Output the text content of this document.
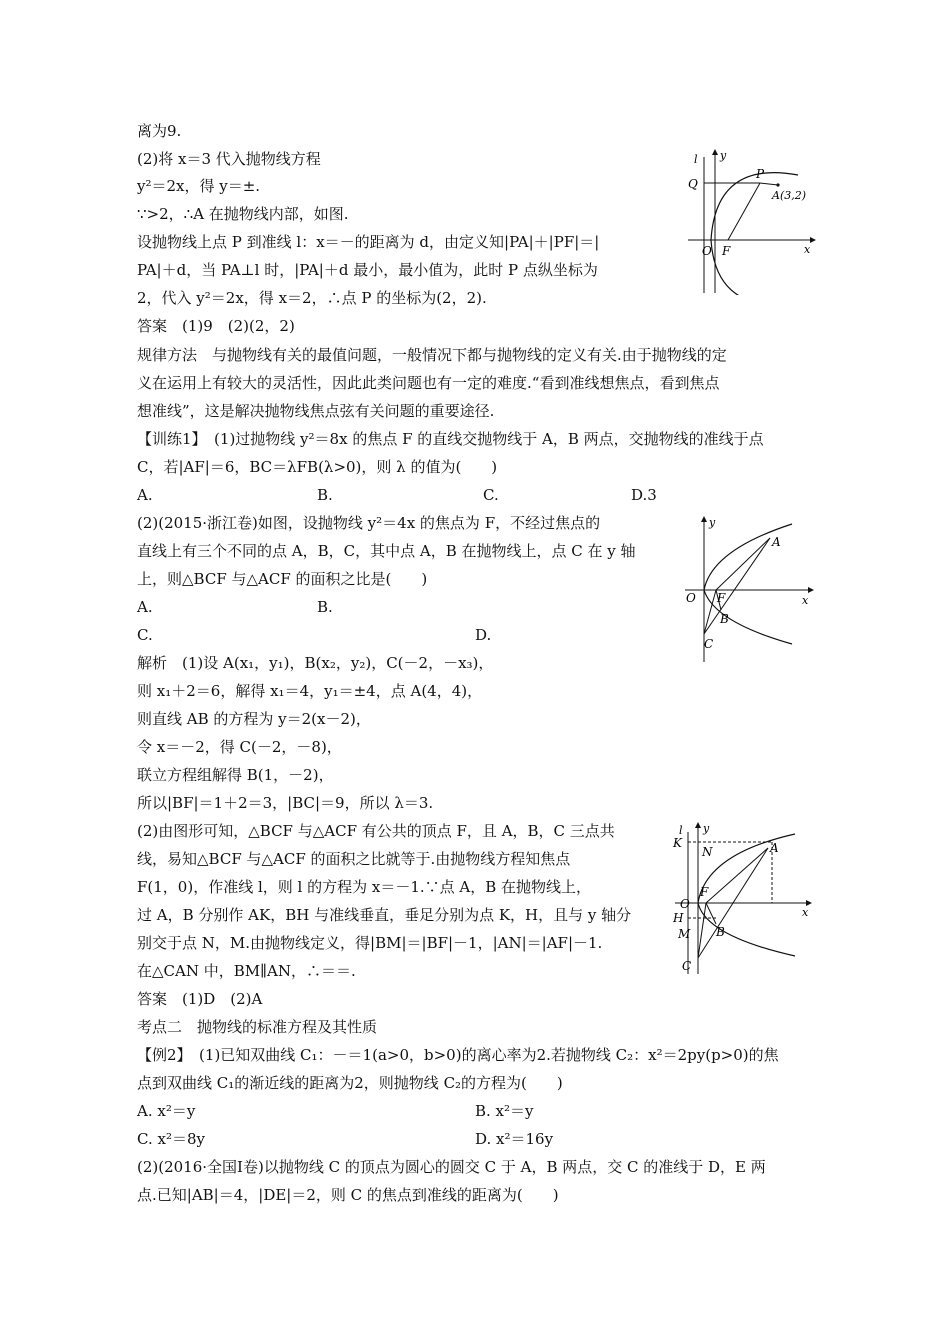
离为9.
(2)将 x＝3 代入抛物线方程
y²＝2x，得 y＝±.
∵>2，∴A 在抛物线内部，如图.
设抛物线上点 P 到准线 l：x＝－的距离为 d，由定义知|PA|＋|PF|＝|
PA|＋d，当 PA⊥l 时，|PA|＋d 最小，最小值为，此时 P 点纵坐标为
2，代入 y²＝2x，得 x＝2，∴点 P 的坐标为(2，2).
答案　(1)9　(2)(2，2)
规律方法　与抛物线有关的最值问题，一般情况下都与抛物线的定义有关.由于抛物线的定
义在运用上有较大的灵活性，因此此类问题也有一定的难度.“看到准线想焦点，看到焦点
想准线”，这是解决抛物线焦点弦有关问题的重要途径.
【训练1】　(1)过抛物线 y²＝8x 的焦点 F 的直线交抛物线于 A，B 两点，交抛物线的准线于点
C，若|AF|＝6，BC＝λFB(λ>0)，则 λ 的值为(　　)
A.	B.	C.	D.3
(2)(2015·浙江卷)如图，设抛物线 y²＝4x 的焦点为 F，不经过焦点的
直线上有三个不同的点 A，B，C，其中点 A，B 在抛物线上，点 C 在 y 轴
上，则△BCF 与△ACF 的面积之比是(　　)
A.	B.
C.	D.
解析　(1)设 A(x₁，y₁)，B(x₂，y₂)，C(－2，－x₃)，
则 x₁＋2＝6，解得 x₁＝4，y₁＝±4，点 A(4，4)，
则直线 AB 的方程为 y＝2(x－2)，
令 x＝－2，得 C(－2，－8)，
联立方程组解得 B(1，－2)，
所以|BF|＝1＋2＝3，|BC|＝9，所以 λ＝3.
(2)由图形可知，△BCF 与△ACF 有公共的顶点 F，且 A，B，C 三点共
线，易知△BCF 与△ACF 的面积之比就等于.由抛物线方程知焦点
F(1，0)，作准线 l，则 l 的方程为 x＝－1.∵点 A，B 在抛物线上，
过 A，B 分别作 AK，BH 与准线垂直，垂足分别为点 K，H，且与 y 轴分
别交于点 N，M.由抛物线定义，得|BM|＝|BF|－1，|AN|＝|AF|－1.
在△CAN 中，BM∥AN，∴＝＝.
答案　(1)D　(2)A
考点二　抛物线的标准方程及其性质
【例2】　(1)已知双曲线 C₁：－＝1(a>0，b>0)的离心率为2.若抛物线 C₂：x²＝2py(p>0)的焦
点到双曲线 C₁的渐近线的距离为2，则抛物线 C₂的方程为(　　)
A. x²＝y	B. x²＝y
C. x²＝8y	D. x²＝16y
(2)(2016·全国Ⅰ卷)以抛物线 C 的顶点为圆心的圆交 C 于 A，B 两点，交 C 的准线于 D，E 两
点.已知|AB|＝4，|DE|＝2，则 C 的焦点到准线的距离为(　　)
l y
Q
P
A(3,2)
O F	x
y
A
O F	x
B
C
l y
K
N	A
F
O
x
H
M B
C
